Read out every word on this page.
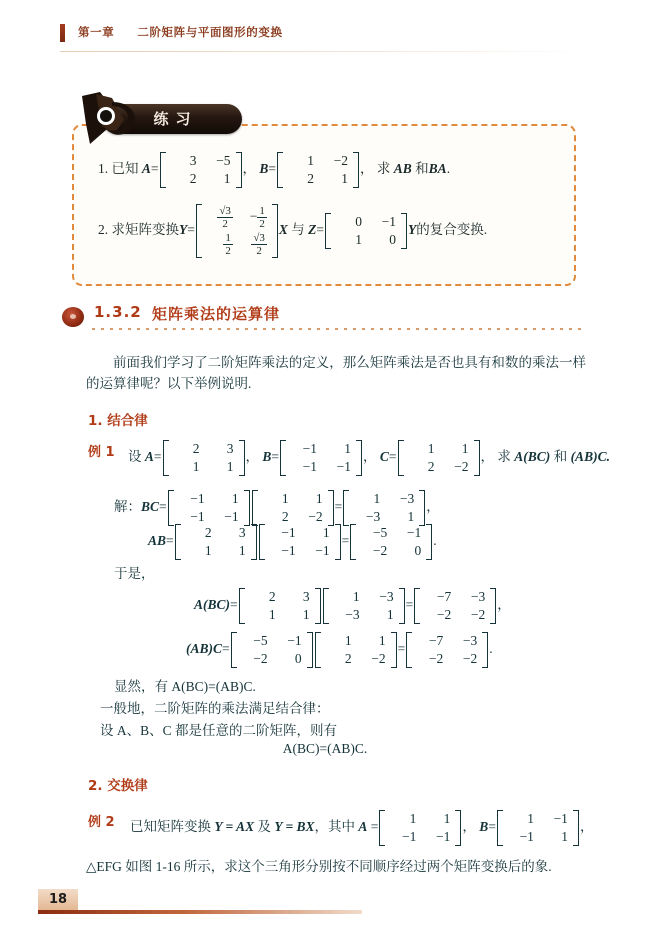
第一章 二阶矩阵与平面图形的变换
1. 已知 A=
3	−5
2	1
， B=
1	−2
2	1
， 求 AB 和BA.
2. 求矩阵变换$Y= \frac{√3}{2}$	− $\frac{1}{2}$

$\frac{1}{2}$	$\frac{√3}{2}$
X 与 Z=
0	−1
1	0
Y的复合变换.
练习
1.3.2 矩阵乘法的运算律
前面我们学习了二阶矩阵乘法的定义，那么矩阵乘法是否也具有和数的乘法一样的运算律呢？以下举例说明.
1. 结合律
例 1 设 A=
2	3
1	1
， B=
−1	1
−1	−1
， C=
1	1
2	−2
， 求 A(BC) 和 (AB)C.
解：BC=
−1	1
−1	−1
1	1
2	−2
=
1	−3
−3	1
，
AB=
2	3
1	1
−1	1
−1	−1
=
−5	−1
−2	0
.
于是，
A(BC)=
2	3
1	1
1	−3
−3	1
=
−7	−3
−2	−2
，
(AB)C=
−5	−1
−2	0
1	1
2	−2
=
−7	−3
−2	−2
.
显然，有 A(BC)=(AB)C.
一般地，二阶矩阵的乘法满足结合律：
设 A、B、C 都是任意的二阶矩阵，则有
A(BC)=(AB)C.
2. 交换律
例 2 已知矩阵变换 Y = AX 及 Y = BX，其中 A =
1	1
−1	−1
， B=
1	−1
−1	1
，
△EFG 如图 1-16 所示，求这个三角形分别按不同顺序经过两个矩阵变换后的象.
18
